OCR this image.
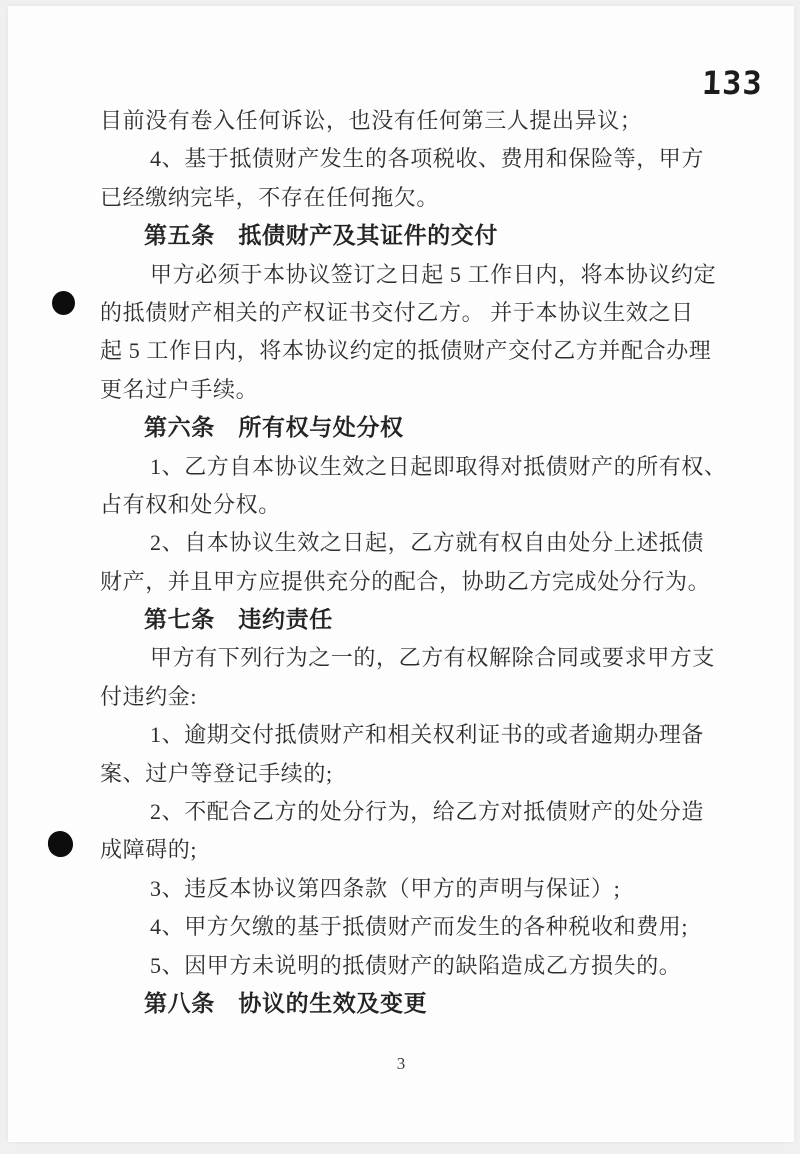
133

目前没有卷入任何诉讼，也没有任何第三人提出异议；

4、基于抵债财产发生的各项税收、费用和保险等，甲方

已经缴纳完毕，不存在任何拖欠。

第五条　抵债财产及其证件的交付

甲方必须于本协议签订之日起 5 工作日内，将本协议约定

的抵债财产相关的产权证书交付乙方。 并于本协议生效之日

起 5 工作日内，将本协议约定的抵债财产交付乙方并配合办理

更名过户手续。

第六条　所有权与处分权

1、乙方自本协议生效之日起即取得对抵债财产的所有权、

占有权和处分权。

2、自本协议生效之日起，乙方就有权自由处分上述抵债

财产，并且甲方应提供充分的配合，协助乙方完成处分行为。

第七条　违约责任

甲方有下列行为之一的，乙方有权解除合同或要求甲方支

付违约金:

1、逾期交付抵债财产和相关权利证书的或者逾期办理备

案、过户等登记手续的;

2、不配合乙方的处分行为，给乙方对抵债财产的处分造

成障碍的;

3、违反本协议第四条款（甲方的声明与保证）;

4、甲方欠缴的基于抵债财产而发生的各种税收和费用;

5、因甲方未说明的抵债财产的缺陷造成乙方损失的。

第八条　协议的生效及变更

3
